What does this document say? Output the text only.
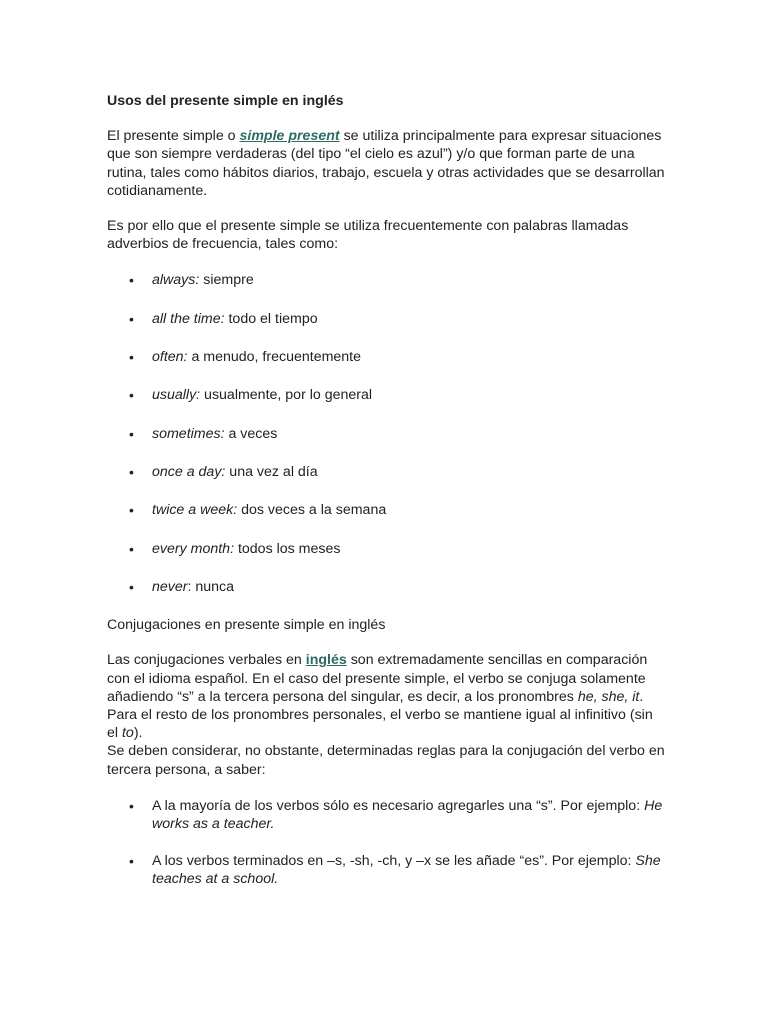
Usos del presente simple en inglés

El presente simple o simple present se utiliza principalmente para expresar situaciones que son siempre verdaderas (del tipo “el cielo es azul”) y/o que forman parte de una rutina, tales como hábitos diarios, trabajo, escuela y otras actividades que se desarrollan cotidianamente.

Es por ello que el presente simple se utiliza frecuentemente con palabras llamadas adverbios de frecuencia, tales como:

• always: siempre
• all the time: todo el tiempo
• often: a menudo, frecuentemente
• usually: usualmente, por lo general
• sometimes: a veces
• once a day: una vez al día
• twice a week: dos veces a la semana
• every month: todos los meses
• never: nunca

Conjugaciones en presente simple en inglés

Las conjugaciones verbales en inglés son extremadamente sencillas en comparación con el idioma español. En el caso del presente simple, el verbo se conjuga solamente añadiendo “s” a la tercera persona del singular, es decir, a los pronombres he, she, it. Para el resto de los pronombres personales, el verbo se mantiene igual al infinitivo (sin el to).

Se deben considerar, no obstante, determinadas reglas para la conjugación del verbo en tercera persona, a saber:

• A la mayoría de los verbos sólo es necesario agregarles una “s”. Por ejemplo: He works as a teacher.
• A los verbos terminados en –s, -sh, -ch, y –x se les añade “es”. Por ejemplo: She teaches at a school.
